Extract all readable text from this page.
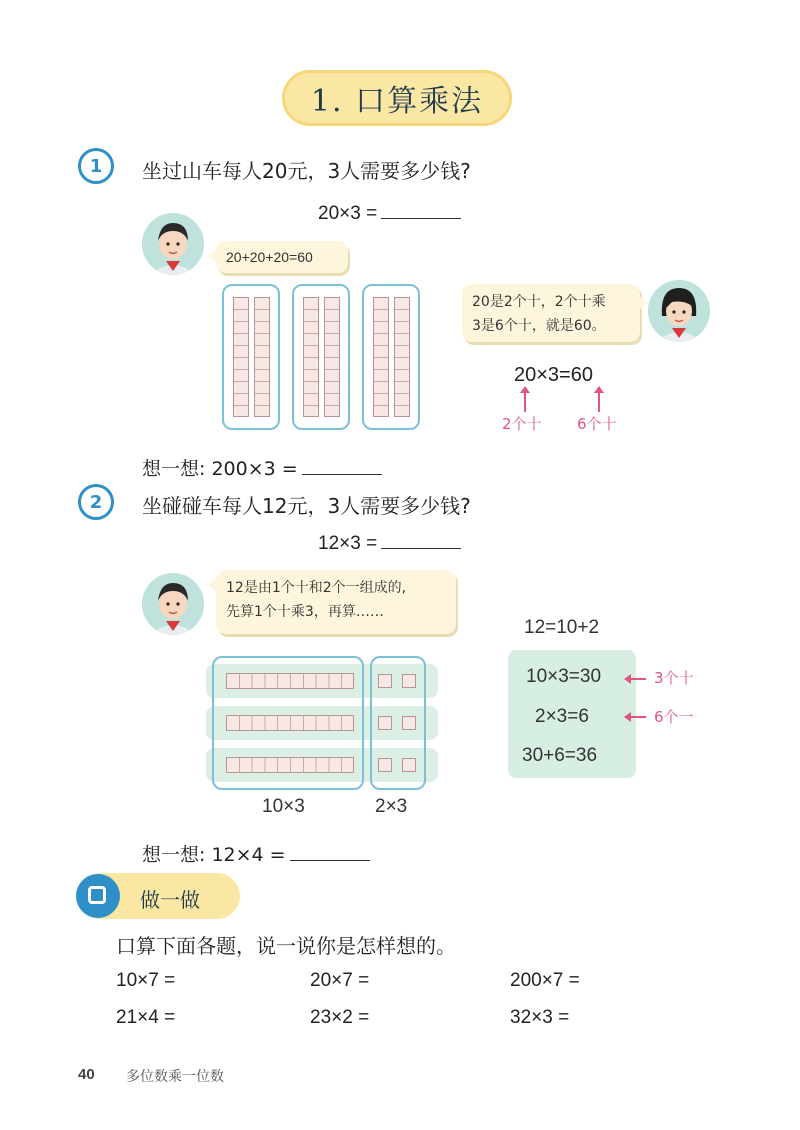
1. 口算乘法
1	坐过山车每人20元，3人需要多少钱?
20×3 =
20+20+20=60
20是2个十，2个十乘
3是6个十，就是60。
20×3=60
2个十 6个十
想一想: 200×3 =
2	坐碰碰车每人12元，3人需要多少钱?
12×3 =
12是由1个十和2个一组成的,
先算1个十乘3，再算……
10×3	2×3
12=10+2
10×3=30
2×3=6
30+6=36
3个十
6个一
想一想: 12×4 =
做一做
口算下面各题，说一说你是怎样想的。
10×7 =	20×7 =	200×7 =
21×4 =	23×2 =	32×3 =
40 多位数乘一位数
